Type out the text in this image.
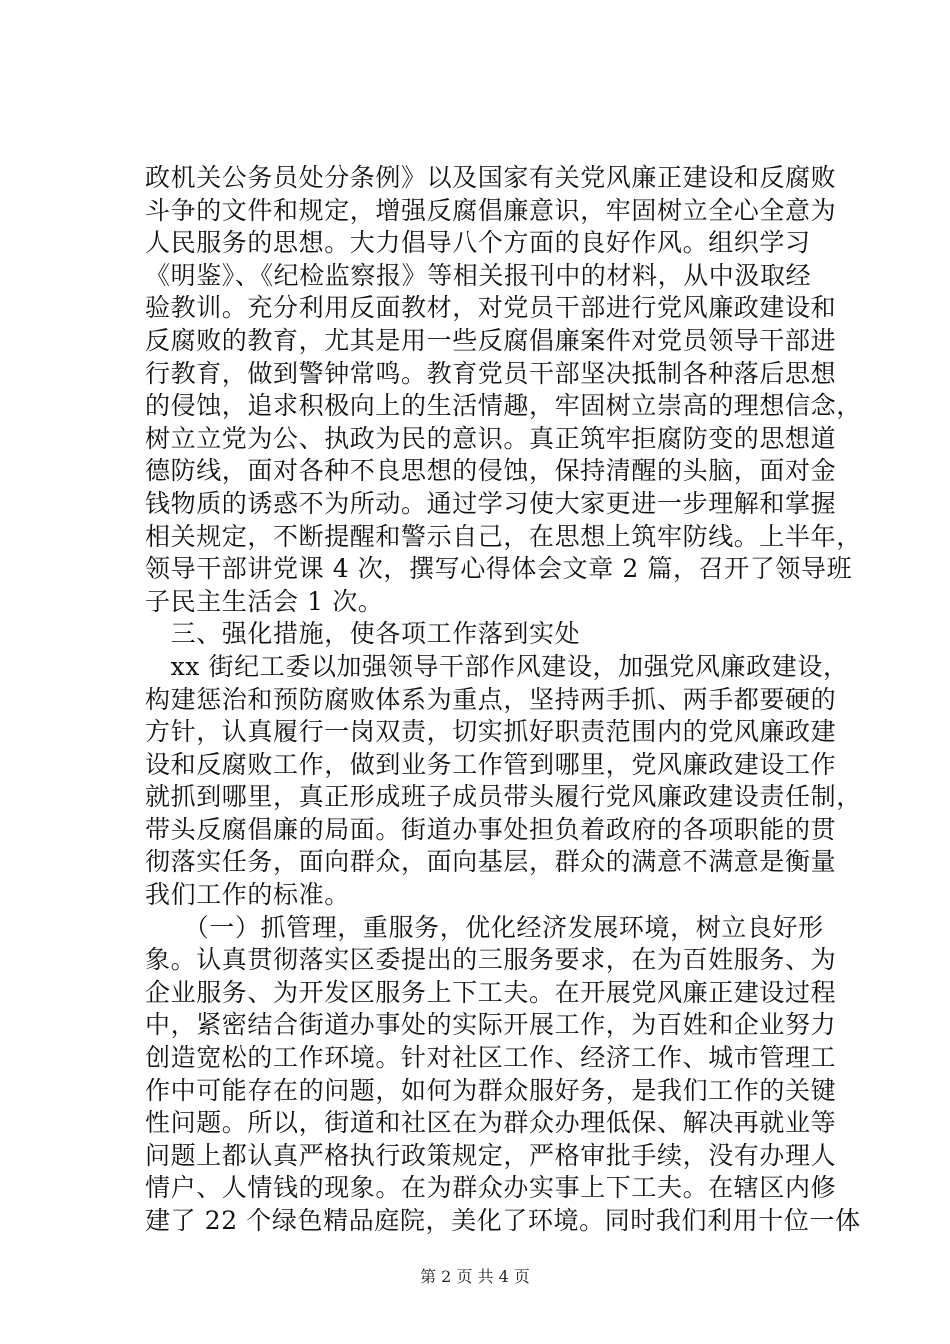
政机关公务员处分条例》以及国家有关党风廉正建设和反腐败
斗争的文件和规定，增强反腐倡廉意识，牢固树立全心全意为
人民服务的思想。大力倡导八个方面的良好作风。组织学习
《明鉴》、《纪检监察报》等相关报刊中的材料，从中汲取经
验教训。充分利用反面教材，对党员干部进行党风廉政建设和
反腐败的教育，尤其是用一些反腐倡廉案件对党员领导干部进
行教育，做到警钟常鸣。教育党员干部坚决抵制各种落后思想
的侵蚀，追求积极向上的生活情趣，牢固树立崇高的理想信念，
树立立党为公、执政为民的意识。真正筑牢拒腐防变的思想道
德防线，面对各种不良思想的侵蚀，保持清醒的头脑，面对金
钱物质的诱惑不为所动。通过学习使大家更进一步理解和掌握
相关规定，不断提醒和警示自己，在思想上筑牢防线。上半年，
领导干部讲党课 4 次，撰写心得体会文章 2 篇，召开了领导班
子民主生活会 1 次。
　三、强化措施，使各项工作落到实处
　xx 街纪工委以加强领导干部作风建设，加强党风廉政建设，
构建惩治和预防腐败体系为重点，坚持两手抓、两手都要硬的
方针，认真履行一岗双责，切实抓好职责范围内的党风廉政建
设和反腐败工作，做到业务工作管到哪里，党风廉政建设工作
就抓到哪里，真正形成班子成员带头履行党风廉政建设责任制，
带头反腐倡廉的局面。街道办事处担负着政府的各项职能的贯
彻落实任务，面向群众，面向基层，群众的满意不满意是衡量
我们工作的标准。
　　（一）抓管理，重服务，优化经济发展环境，树立良好形
象。认真贯彻落实区委提出的三服务要求，在为百姓服务、为
企业服务、为开发区服务上下工夫。在开展党风廉正建设过程
中，紧密结合街道办事处的实际开展工作，为百姓和企业努力
创造宽松的工作环境。针对社区工作、经济工作、城市管理工
作中可能存在的问题，如何为群众服好务，是我们工作的关键
性问题。所以，街道和社区在为群众办理低保、解决再就业等
问题上都认真严格执行政策规定，严格审批手续，没有办理人
情户、人情钱的现象。在为群众办实事上下工夫。在辖区内修
建了 22 个绿色精品庭院，美化了环境。同时我们利用十位一体
第 2 页 共 4 页
